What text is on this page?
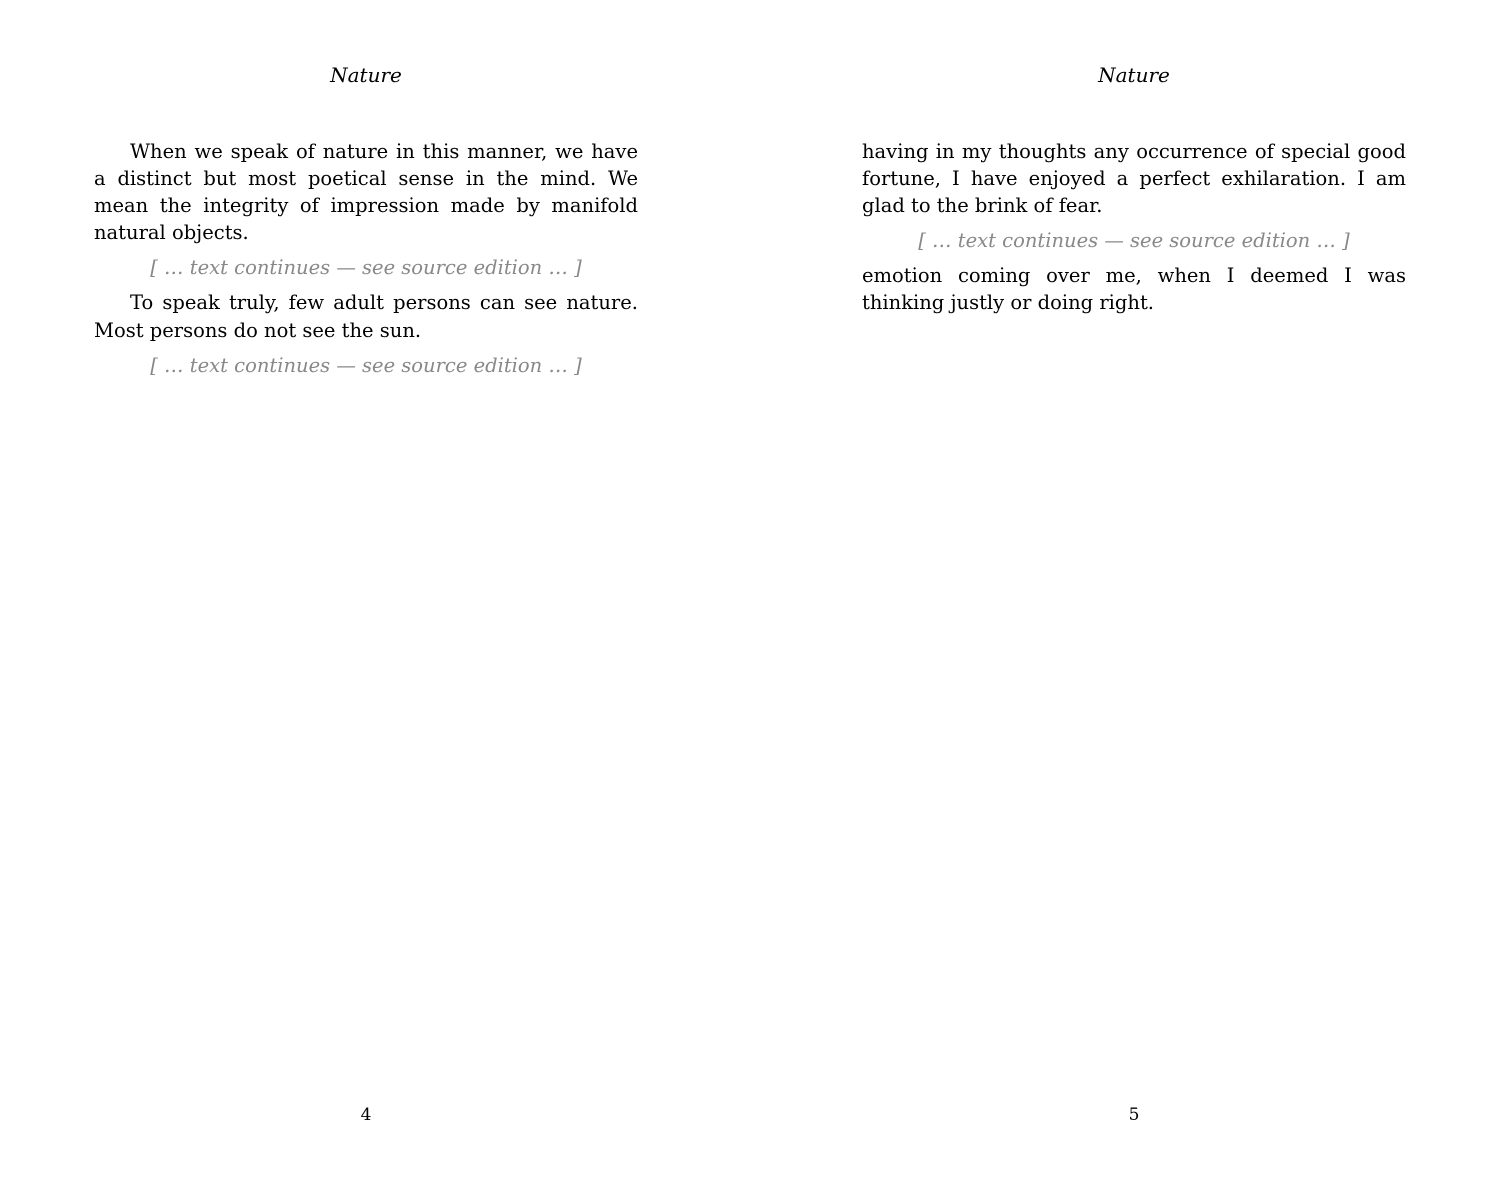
Nature

When we speak of nature in this manner, we have a distinct but most poetical sense in the mind. We mean the integrity of impression made by manifold natural objects.

[ … text continues — see source edition … ]

To speak truly, few adult persons can see nature. Most persons do not see the sun.

[ … text continues — see source edition … ]

4
Nature

having in my thoughts any occurrence of special good fortune, I have enjoyed a perfect exhilaration. I am glad to the brink of fear.

[ … text continues — see source edition … ]

emotion coming over me, when I deemed I was thinking justly or doing right.

5
